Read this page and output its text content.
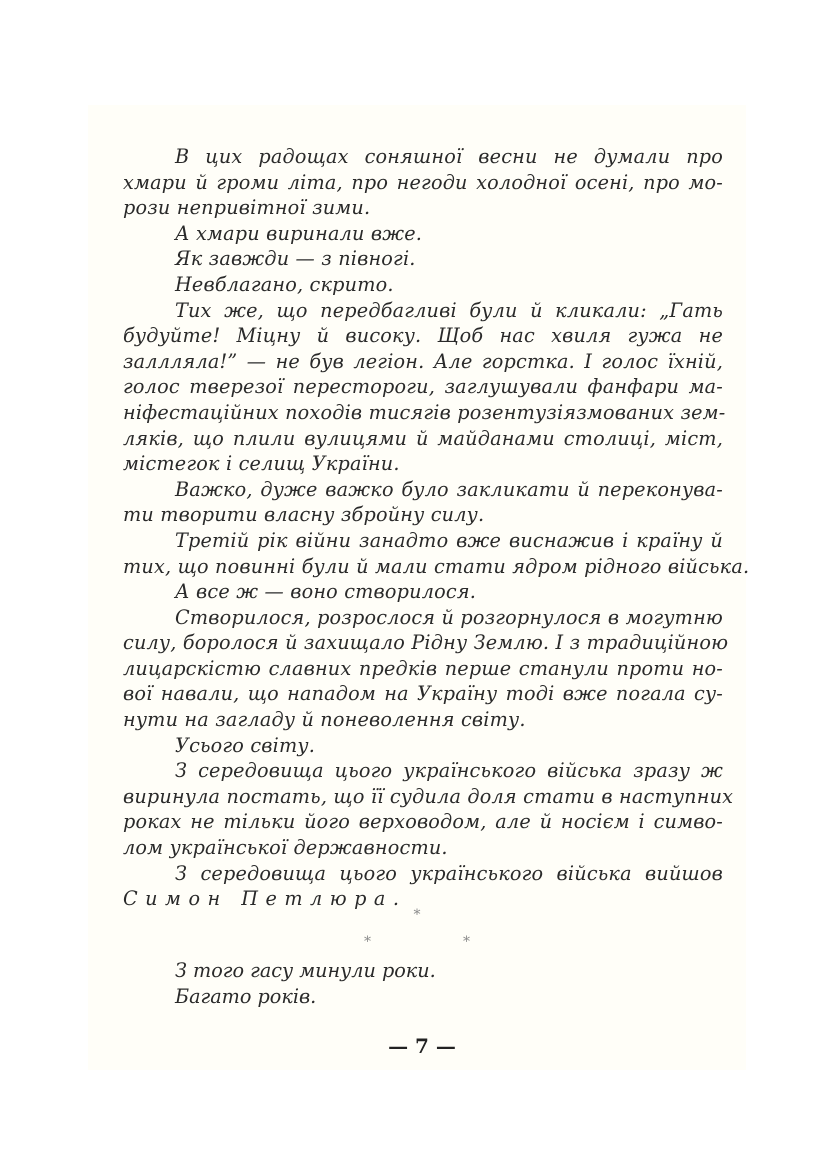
В цих радощах соняшної весни не думали про
хмари й громи літа, про негоди холодної осені, про мо-
рози непривітної зими.
А хмари виринали вже.
Як завжди — з півногі.
Невблагано, скрито.
Тих же, що передбагливі були й кликали: „Гать
будуйте! Міцну й високу. Щоб нас хвиля гужа не
заллляла!” — не був легіон. Але горстка. І голос їхній,
голос тверезої пересторoги, заглушували фанфари ма-
ніфестаційних походів тисягів розентузіязмованих зем-
ляків, що плили вулицями й майданами столиці, міст,
містегок і селищ України.
Важко, дуже важко було закликати й переконува-
ти творити власну збройну силу.
Третій рік війни занадто вже виснажив і країну й
тих, що повинні були й мали стати ядром рідного війська.
А все ж — воно створилося.
Створилося, розрослося й розгорнулося в могутню
силу, боролося й захищало Рідну Землю. І з традиційною
лицарскістю славних предків перше станули проти но-
вої навали, що нападом на Україну тоді вже погала су-
нути на загладу й поневолення світу.
Усього світу.
З середовища цього українського війська зразу ж
виринула постать, що її судила доля стати в наступних
роках не тільки його верховодом, але й носієм і симво-
лом української державности.
З середовища цього українського війська вийшов
Симон Петлюра.
*
*	*
З того гасу минули роки.
Багато років.
— 7 —
